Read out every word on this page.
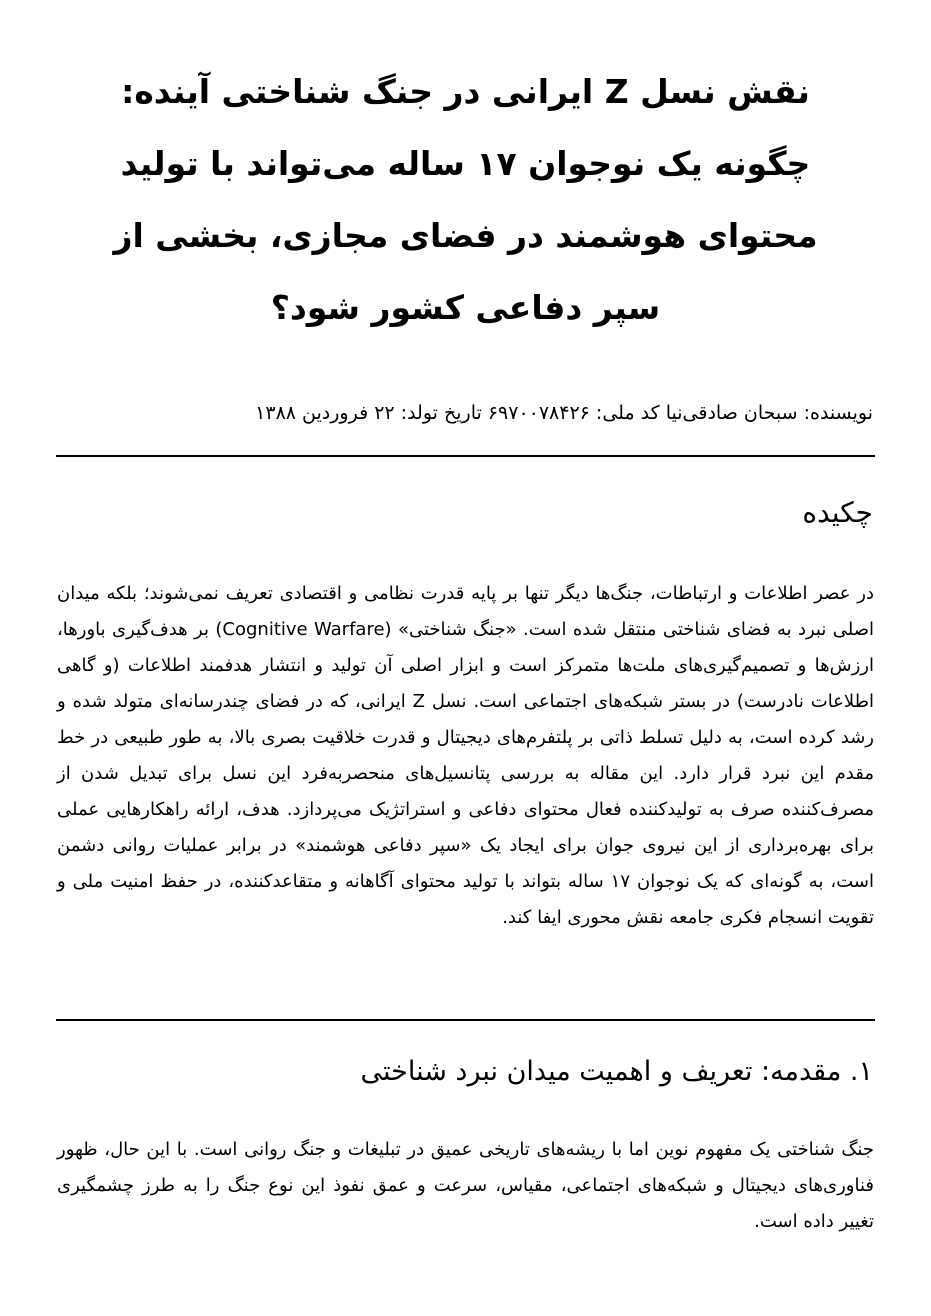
نقش نسل Z ایرانی در جنگ شناختی آینده: چگونه یک نوجوان ۱۷ ساله می‌تواند با تولید محتوای هوشمند در فضای مجازی، بخشی از سپر دفاعی کشور شود؟
نویسنده: سبحان صادقی‌نیا کد ملی: ۶۹۷۰۰۷۸۴۲۶ تاریخ تولد: ۲۲ فروردین ۱۳۸۸
چکیده

در عصر اطلاعات و ارتباطات، جنگ‌ها دیگر تنها بر پایه قدرت نظامی و اقتصادی تعریف نمی‌شوند؛ بلکه میدان اصلی نبرد به فضای شناختی منتقل شده است. «جنگ شناختی» (Cognitive Warfare) بر هدف‌گیری باورها، ارزش‌ها و تصمیم‌گیری‌های ملت‌ها متمرکز است و ابزار اصلی آن تولید و انتشار هدفمند اطلاعات (و گاهی اطلاعات نادرست) در بستر شبکه‌های اجتماعی است. نسل Z ایرانی، که در فضای چندرسانه‌ای متولد شده و رشد کرده است، به دلیل تسلط ذاتی بر پلتفرم‌های دیجیتال و قدرت خلاقیت بصری بالا، به طور طبیعی در خط مقدم این نبرد قرار دارد. این مقاله به بررسی پتانسیل‌های منحصربه‌فرد این نسل برای تبدیل شدن از مصرف‌کننده صرف به تولیدکننده فعال محتوای دفاعی و استراتژیک می‌پردازد. هدف، ارائه راهکارهایی عملی برای بهره‌برداری از این نیروی جوان برای ایجاد یک «سپر دفاعی هوشمند» در برابر عملیات روانی دشمن است، به گونه‌ای که یک نوجوان ۱۷ ساله بتواند با تولید محتوای آگاهانه و متقاعدکننده، در حفظ امنیت ملی و تقویت انسجام فکری جامعه نقش محوری ایفا کند.

۱. مقدمه: تعریف و اهمیت میدان نبرد شناختی

جنگ شناختی یک مفهوم نوین اما با ریشه‌های تاریخی عمیق در تبلیغات و جنگ روانی است. با این حال، ظهور فناوری‌های دیجیتال و شبکه‌های اجتماعی، مقیاس، سرعت و عمق نفوذ این نوع جنگ را به طرز چشمگیری تغییر داده است.
